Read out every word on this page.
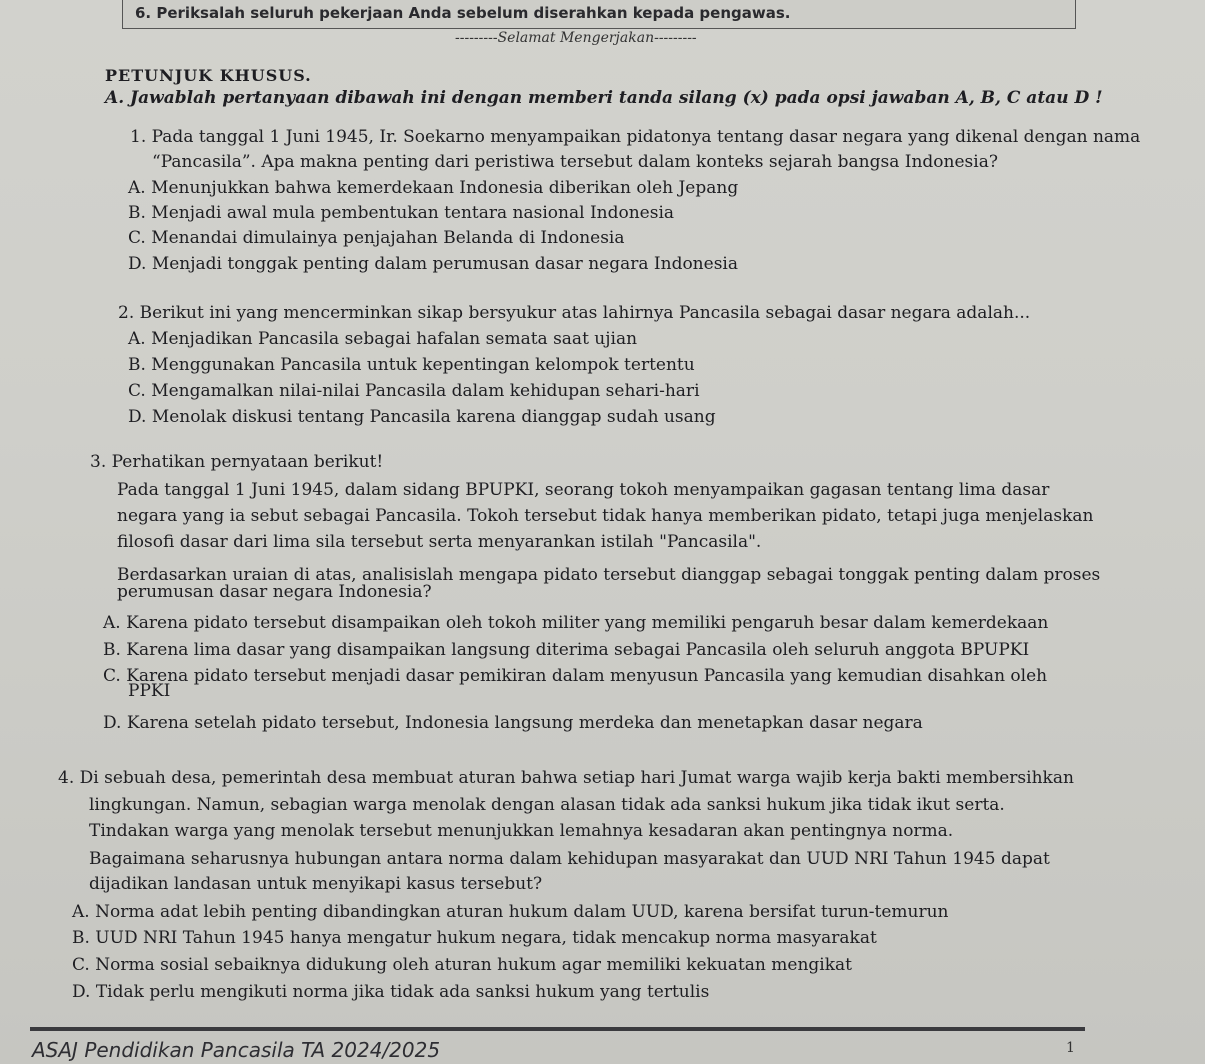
6. Periksalah seluruh pekerjaan Anda sebelum diserahkan kepada pengawas.
---------Selamat Mengerjakan---------
PETUNJUK KHUSUS.
A. Jawablah pertanyaan dibawah ini dengan memberi tanda silang (x) pada opsi jawaban A, B, C atau D !
1. Pada tanggal 1 Juni 1945, Ir. Soekarno menyampaikan pidatonya tentang dasar negara yang dikenal dengan nama
“Pancasila”. Apa makna penting dari peristiwa tersebut dalam konteks sejarah bangsa Indonesia?
A. Menunjukkan bahwa kemerdekaan Indonesia diberikan oleh Jepang
B. Menjadi awal mula pembentukan tentara nasional Indonesia
C. Menandai dimulainya penjajahan Belanda di Indonesia
D. Menjadi tonggak penting dalam perumusan dasar negara Indonesia
2. Berikut ini yang mencerminkan sikap bersyukur atas lahirnya Pancasila sebagai dasar negara adalah...
A. Menjadikan Pancasila sebagai hafalan semata saat ujian
B. Menggunakan Pancasila untuk kepentingan kelompok tertentu
C. Mengamalkan nilai-nilai Pancasila dalam kehidupan sehari-hari
D. Menolak diskusi tentang Pancasila karena dianggap sudah usang
3. Perhatikan pernyataan berikut!
Pada tanggal 1 Juni 1945, dalam sidang BPUPKI, seorang tokoh menyampaikan gagasan tentang lima dasar
negara yang ia sebut sebagai Pancasila. Tokoh tersebut tidak hanya memberikan pidato, tetapi juga menjelaskan
filosofi dasar dari lima sila tersebut serta menyarankan istilah "Pancasila".
Berdasarkan uraian di atas, analisislah mengapa pidato tersebut dianggap sebagai tonggak penting dalam proses
perumusan dasar negara Indonesia?
A. Karena pidato tersebut disampaikan oleh tokoh militer yang memiliki pengaruh besar dalam kemerdekaan
B. Karena lima dasar yang disampaikan langsung diterima sebagai Pancasila oleh seluruh anggota BPUPKI
C. Karena pidato tersebut menjadi dasar pemikiran dalam menyusun Pancasila yang kemudian disahkan oleh
PPKI
D. Karena setelah pidato tersebut, Indonesia langsung merdeka dan menetapkan dasar negara
4. Di sebuah desa, pemerintah desa membuat aturan bahwa setiap hari Jumat warga wajib kerja bakti membersihkan
lingkungan. Namun, sebagian warga menolak dengan alasan tidak ada sanksi hukum jika tidak ikut serta.
Tindakan warga yang menolak tersebut menunjukkan lemahnya kesadaran akan pentingnya norma.
Bagaimana seharusnya hubungan antara norma dalam kehidupan masyarakat dan UUD NRI Tahun 1945 dapat
dijadikan landasan untuk menyikapi kasus tersebut?
A. Norma adat lebih penting dibandingkan aturan hukum dalam UUD, karena bersifat turun-temurun
B. UUD NRI Tahun 1945 hanya mengatur hukum negara, tidak mencakup norma masyarakat
C. Norma sosial sebaiknya didukung oleh aturan hukum agar memiliki kekuatan mengikat
D. Tidak perlu mengikuti norma jika tidak ada sanksi hukum yang tertulis
ASAJ Pendidikan Pancasila TA 2024/2025	1
